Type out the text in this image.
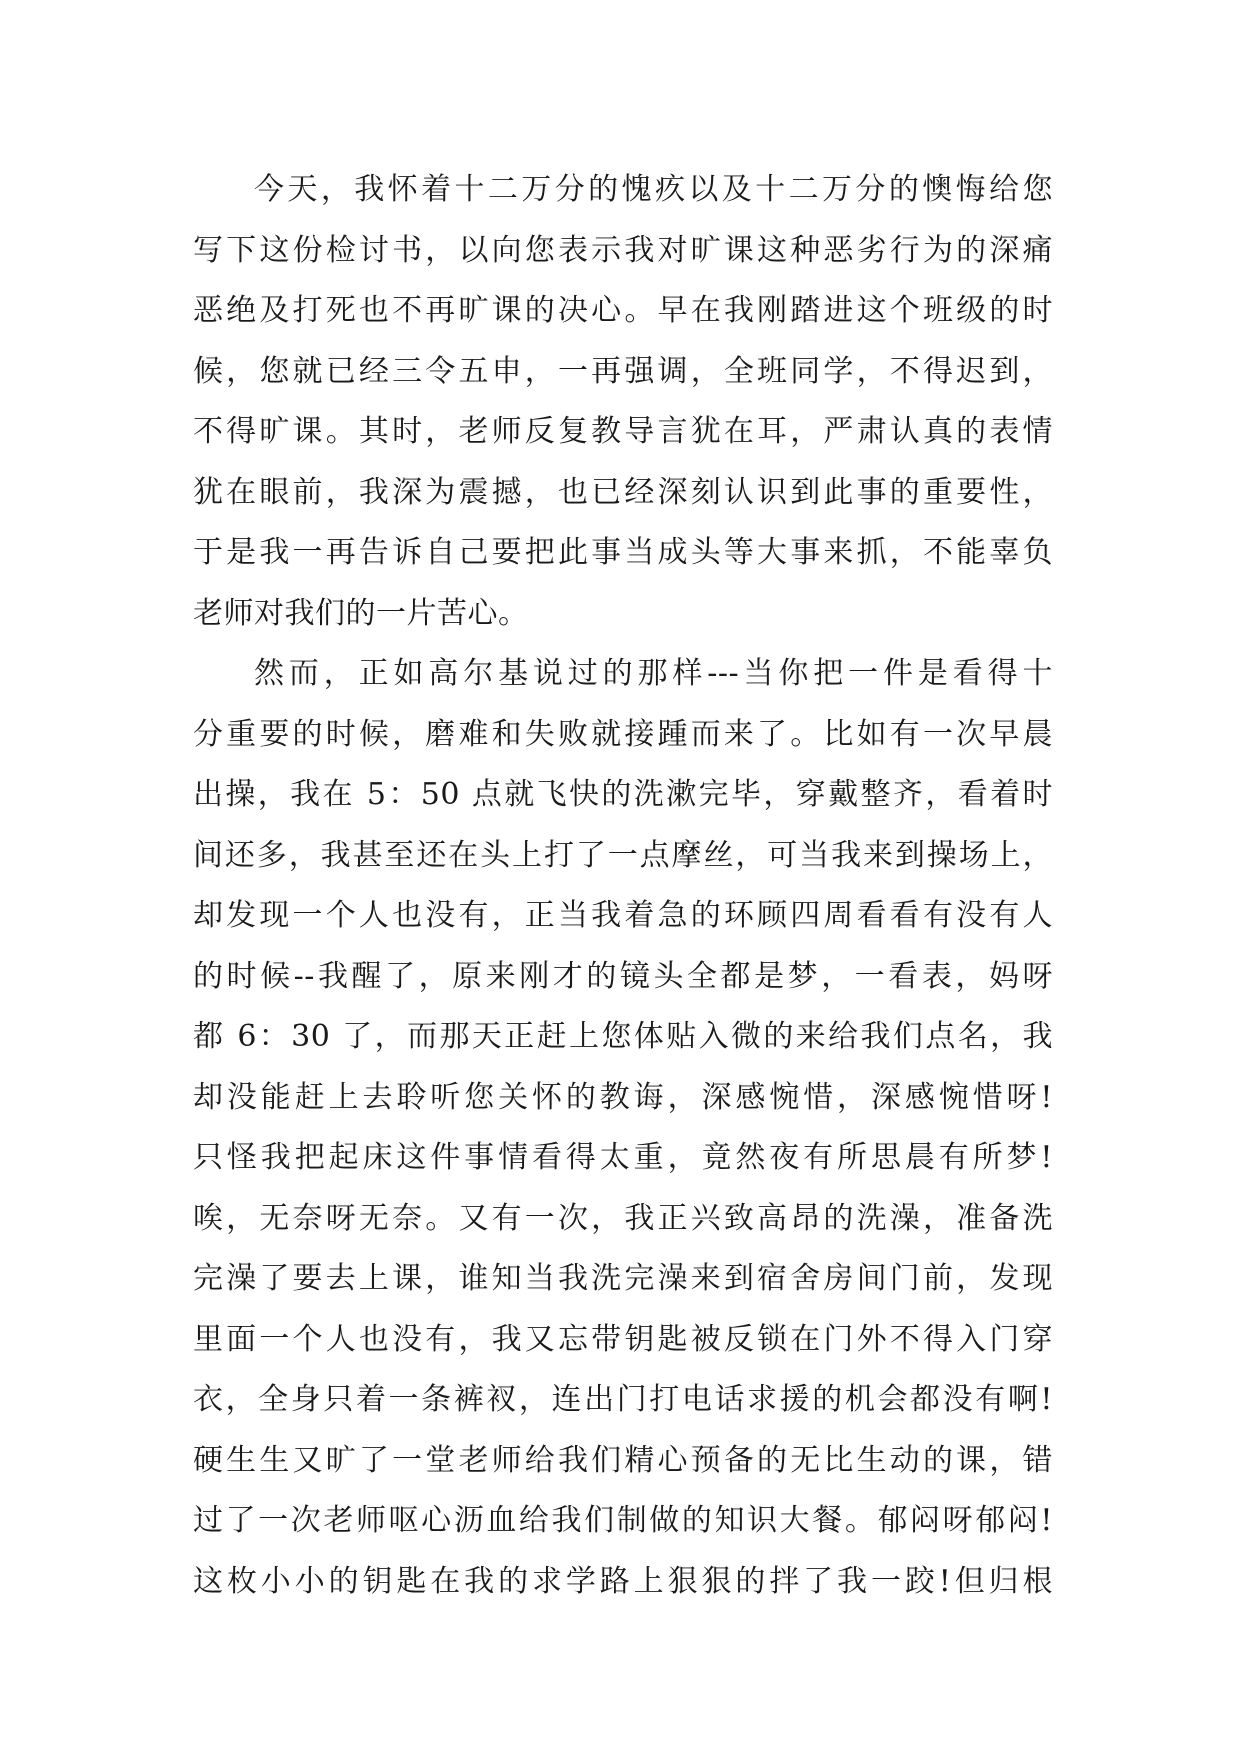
今天，我怀着十二万分的愧疚以及十二万分的懊悔给您
写下这份检讨书，以向您表示我对旷课这种恶劣行为的深痛
恶绝及打死也不再旷课的决心。早在我刚踏进这个班级的时
候，您就已经三令五申，一再强调，全班同学，不得迟到，
不得旷课。其时，老师反复教导言犹在耳，严肃认真的表情
犹在眼前，我深为震撼，也已经深刻认识到此事的重要性，
于是我一再告诉自己要把此事当成头等大事来抓，不能辜负
老师对我们的一片苦心。
然而，正如高尔基说过的那样---当你把一件是看得十
分重要的时候，磨难和失败就接踵而来了。比如有一次早晨
出操，我在 5：50 点就飞快的洗漱完毕，穿戴整齐，看着时
间还多，我甚至还在头上打了一点摩丝，可当我来到操场上，
却发现一个人也没有，正当我着急的环顾四周看看有没有人
的时候--我醒了，原来刚才的镜头全都是梦，一看表，妈呀
都 6：30 了，而那天正赶上您体贴入微的来给我们点名，我
却没能赶上去聆听您关怀的教诲，深感惋惜，深感惋惜呀!
只怪我把起床这件事情看得太重，竟然夜有所思晨有所梦!
唉，无奈呀无奈。又有一次，我正兴致高昂的洗澡，准备洗
完澡了要去上课，谁知当我洗完澡来到宿舍房间门前，发现
里面一个人也没有，我又忘带钥匙被反锁在门外不得入门穿
衣，全身只着一条裤衩，连出门打电话求援的机会都没有啊!
硬生生又旷了一堂老师给我们精心预备的无比生动的课，错
过了一次老师呕心沥血给我们制做的知识大餐。郁闷呀郁闷!
这枚小小的钥匙在我的求学路上狠狠的拌了我一跤!但归根
